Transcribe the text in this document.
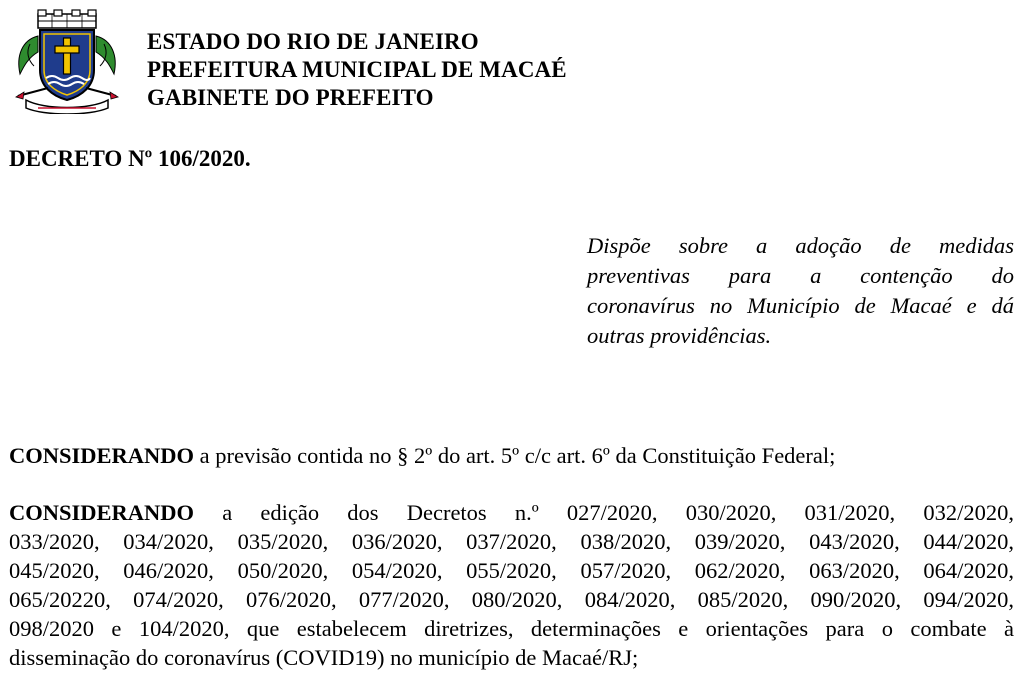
ESTADO DO RIO DE JANEIRO
PREFEITURA MUNICIPAL DE MACAÉ
GABINETE DO PREFEITO
DECRETO Nº 106/2020.
Dispõe sobre a adoção de medidas
preventivas para a contenção do
coronavírus no Município de Macaé e dá
outras providências.
CONSIDERANDO a previsão contida no § 2º do art. 5º c/c art. 6º da Constituição Federal;
CONSIDERANDO a edição dos Decretos n.º 027/2020, 030/2020, 031/2020, 032/2020,
033/2020, 034/2020, 035/2020, 036/2020, 037/2020, 038/2020, 039/2020, 043/2020, 044/2020,
045/2020, 046/2020, 050/2020, 054/2020, 055/2020, 057/2020, 062/2020, 063/2020, 064/2020,
065/20220, 074/2020, 076/2020, 077/2020, 080/2020, 084/2020, 085/2020, 090/2020, 094/2020,
098/2020 e 104/2020, que estabelecem diretrizes, determinações e orientações para o combate à
disseminação do coronavírus (COVID19) no município de Macaé/RJ;
